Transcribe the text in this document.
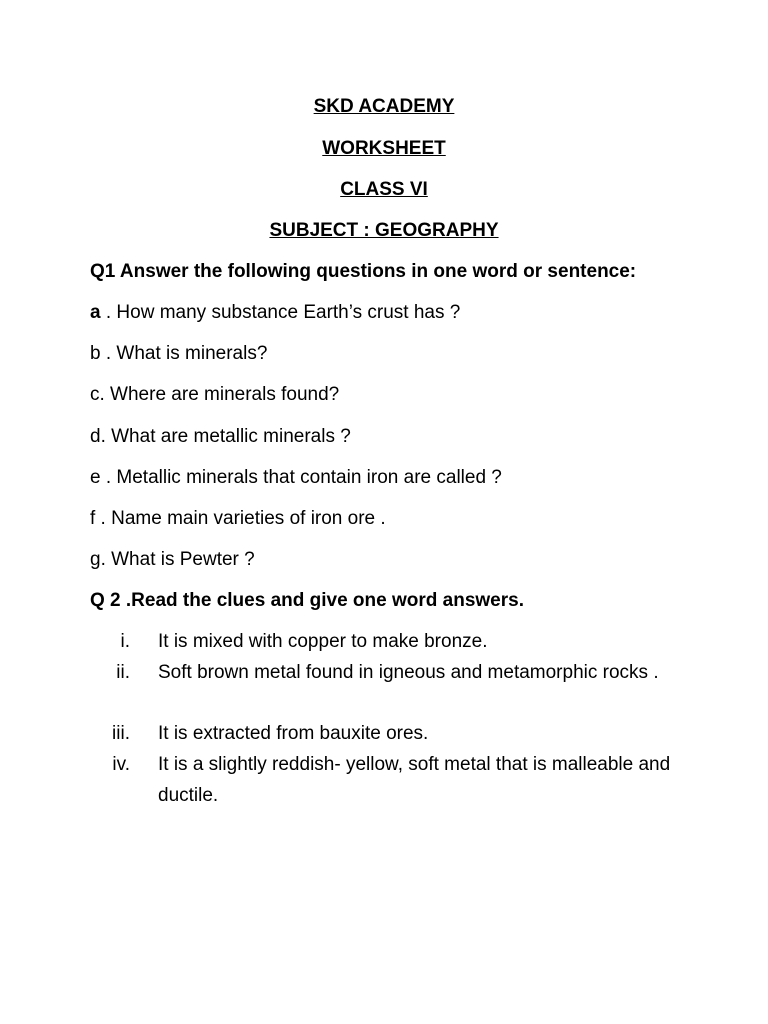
SKD ACADEMY
WORKSHEET
CLASS VI
SUBJECT : GEOGRAPHY
Q1 Answer the following questions in one word or sentence:
a . How many substance Earth’s crust has ?
b . What is minerals?
c. Where are minerals found?
d. What are metallic minerals ?
e . Metallic minerals that contain iron are called ?
f . Name main varieties of iron ore .
g. What is Pewter ?
Q 2 .Read the clues and give one word answers.
i. It is mixed with copper to make bronze.
ii. Soft brown metal found in igneous and metamorphic rocks .
iii. It is extracted from bauxite ores.
iv. It is a slightly reddish- yellow, soft metal that is malleable and ductile.
